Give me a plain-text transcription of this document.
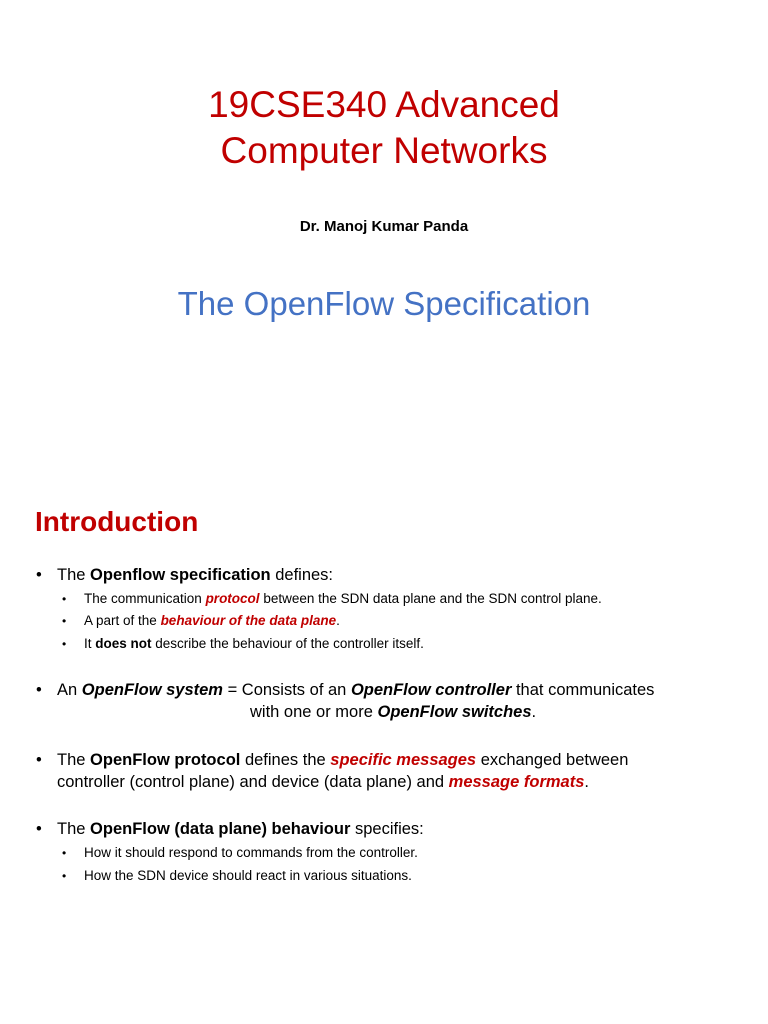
19CSE340 Advanced
Computer Networks
Dr. Manoj Kumar Panda
The OpenFlow Specification
Introduction
• The Openflow specification defines:
• The communication protocol between the SDN data plane and the SDN control plane.
• A part of the behaviour of the data plane.
• It does not describe the behaviour of the controller itself.
• An OpenFlow system = Consists of an OpenFlow controller that communicates
with one or more OpenFlow switches.
• The OpenFlow protocol defines the specific messages exchanged between
controller (control plane) and device (data plane) and message formats.
• The OpenFlow (data plane) behaviour specifies:
• How it should respond to commands from the controller.
• How the SDN device should react in various situations.
